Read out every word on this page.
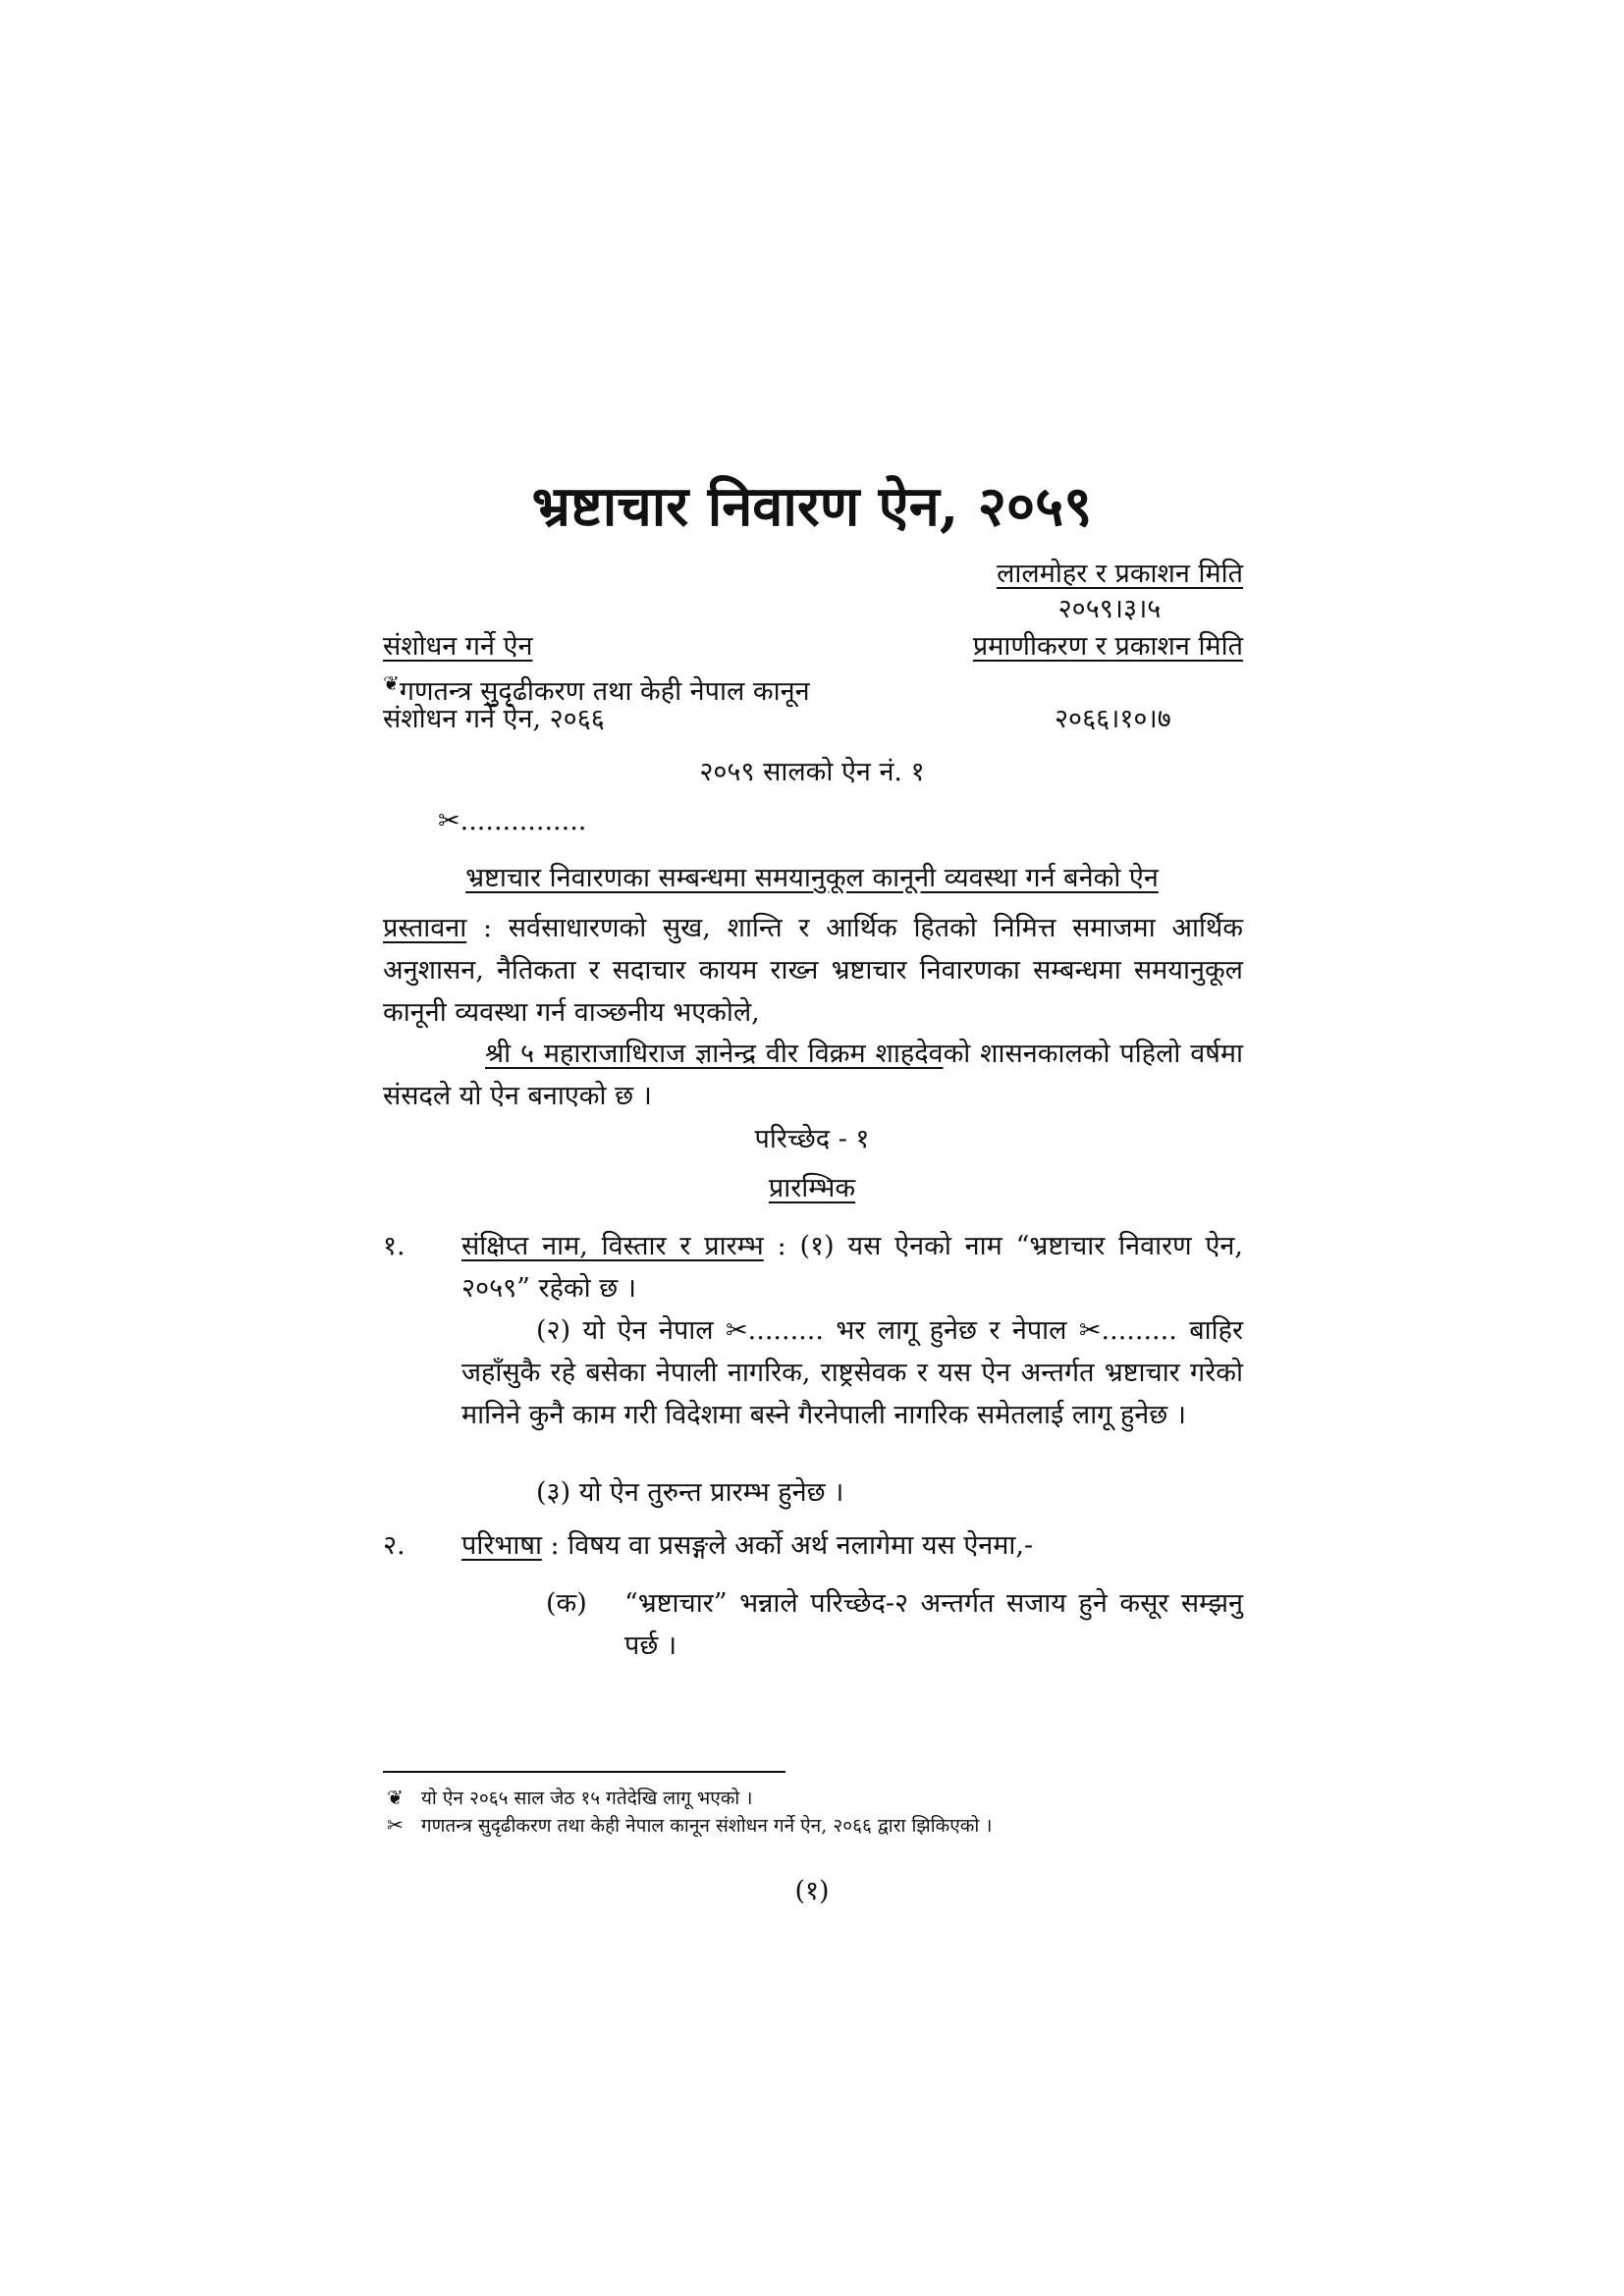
भ्रष्टाचार निवारण ऐन, २०५९
लालमोहर र प्रकाशन मिति
२०५९।३।५
प्रमाणीकरण र प्रकाशन मिति
२०६६।१०।७
संशोधन गर्ने ऐन
❦गणतन्त्र सुदृढीकरण तथा केही नेपाल कानून
संशोधन गर्ने ऐन, २०६६
२०५९ सालको ऐन नं. १
✂...............
भ्रष्टाचार निवारणका सम्बन्धमा समयानुकूल कानूनी व्यवस्था गर्न बनेको ऐन
प्रस्तावना : सर्वसाधारणको सुख, शान्ति र आर्थिक हितको निमित्त समाजमा आर्थिक अनुशासन, नैतिकता र सदाचार कायम राख्न भ्रष्टाचार निवारणका सम्बन्धमा समयानुकूल कानूनी व्यवस्था गर्न वाञ्छनीय भएकोले,
श्री ५ महाराजाधिराज ज्ञानेन्द्र वीर विक्रम शाहदेवको शासनकालको पहिलो वर्षमा संसदले यो ऐन बनाएको छ ।
परिच्छेद - १
प्रारम्भिक
१. संक्षिप्त नाम, विस्तार र प्रारम्भ : (१) यस ऐनको नाम “भ्रष्टाचार निवारण ऐन, २०५९” रहेको छ ।
(२) यो ऐन नेपाल ✂......... भर लागू हुनेछ र नेपाल ✂......... बाहिर जहाँसुकै रहे बसेका नेपाली नागरिक, राष्ट्रसेवक र यस ऐन अन्तर्गत भ्रष्टाचार गरेको मानिने कुनै काम गरी विदेशमा बस्ने गैरनेपाली नागरिक समेतलाई लागू हुनेछ ।
(३) यो ऐन तुरुन्त प्रारम्भ हुनेछ ।
२. परिभाषा : विषय वा प्रसङ्गले अर्को अर्थ नलागेमा यस ऐनमा,-
(क) “भ्रष्टाचार” भन्नाले परिच्छेद-२ अन्तर्गत सजाय हुने कसूर सम्झनु पर्छ ।
❦ यो ऐन २०६५ साल जेठ १५ गतेदेखि लागू भएको ।
✂ गणतन्त्र सुदृढीकरण तथा केही नेपाल कानून संशोधन गर्ने ऐन, २०६६ द्वारा झिकिएको ।
(१)
